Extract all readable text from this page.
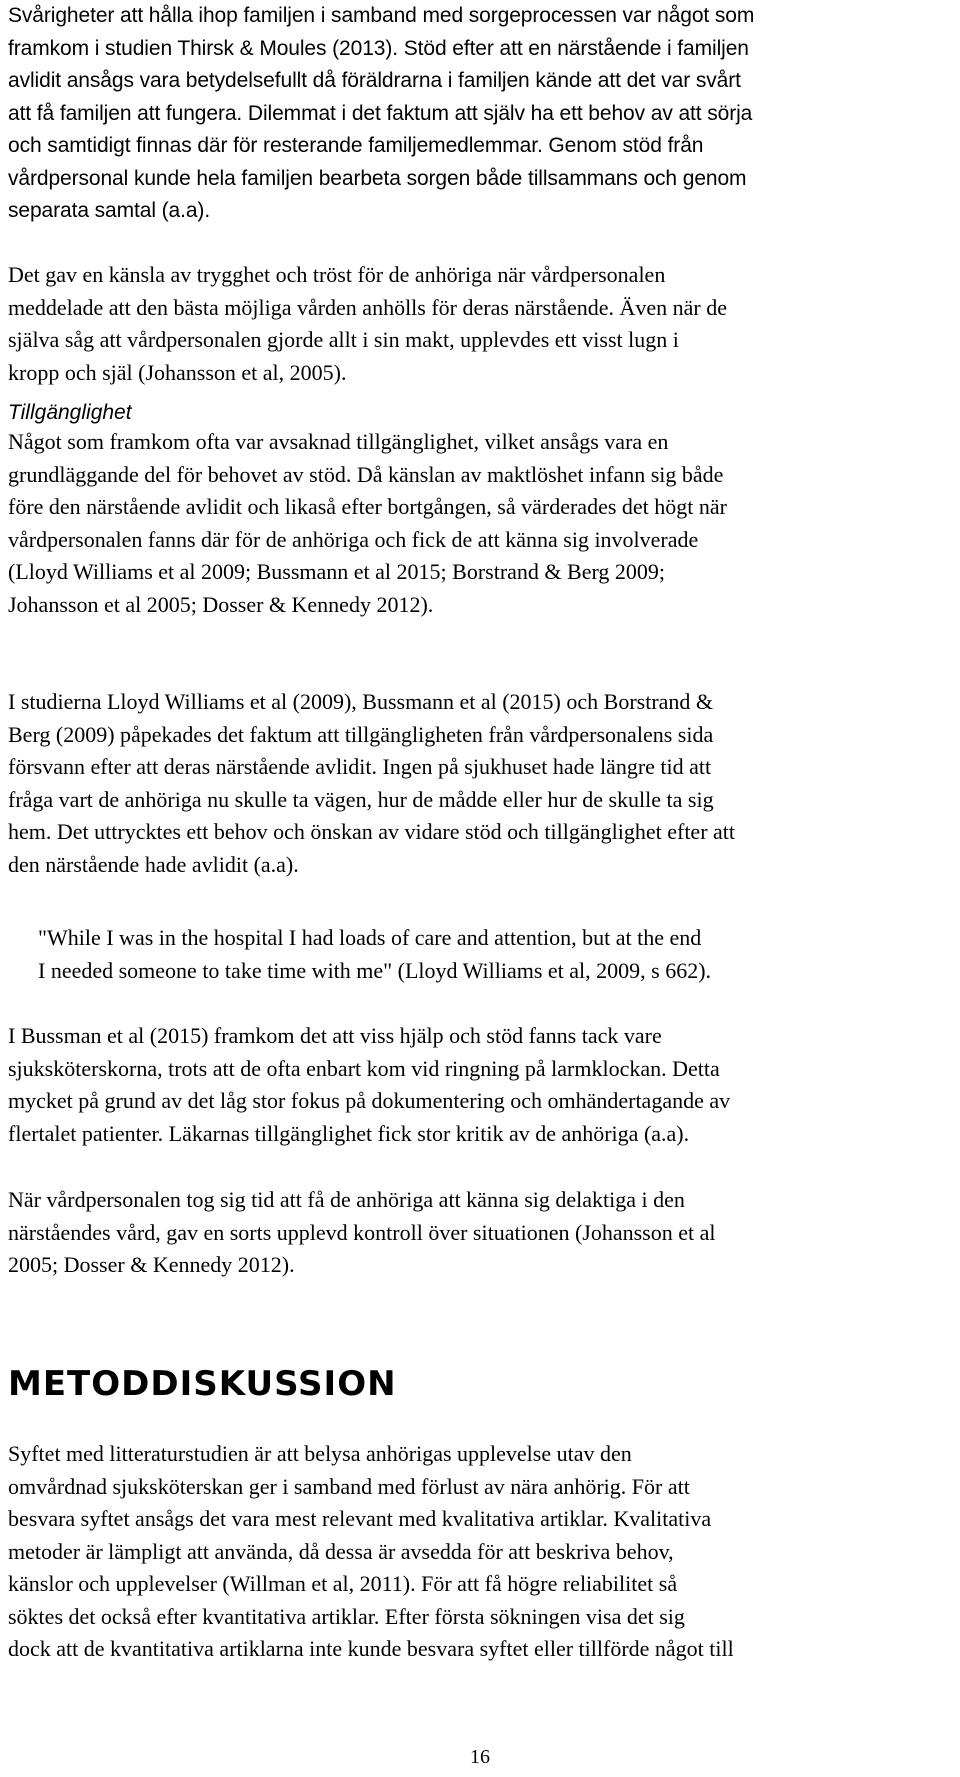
Svårigheter att hålla ihop familjen i samband med sorgeprocessen var något som
framkom i studien Thirsk & Moules (2013). Stöd efter att en närstående i familjen
avlidit ansågs vara betydelsefullt då föräldrarna i familjen kände att det var svårt
att få familjen att fungera. Dilemmat i det faktum att själv ha ett behov av att sörja
och samtidigt finnas där för resterande familjemedlemmar. Genom stöd från
vårdpersonal kunde hela familjen bearbeta sorgen både tillsammans och genom
separata samtal (a.a).
Det gav en känsla av trygghet och tröst för de anhöriga när vårdpersonalen
meddelade att den bästa möjliga vården anhölls för deras närstående. Även när de
själva såg att vårdpersonalen gjorde allt i sin makt, upplevdes ett visst lugn i
kropp och själ (Johansson et al, 2005).
Tillgänglighet
Något som framkom ofta var avsaknad tillgänglighet, vilket ansågs vara en
grundläggande del för behovet av stöd. Då känslan av maktlöshet infann sig både
före den närstående avlidit och likaså efter bortgången, så värderades det högt när
vårdpersonalen fanns där för de anhöriga och fick de att känna sig involverade
(Lloyd Williams et al 2009; Bussmann et al 2015; Borstrand & Berg 2009;
Johansson et al 2005; Dosser & Kennedy 2012).
I studierna Lloyd Williams et al (2009), Bussmann et al (2015) och Borstrand &
Berg (2009) påpekades det faktum att tillgängligheten från vårdpersonalens sida
försvann efter att deras närstående avlidit. Ingen på sjukhuset hade längre tid att
fråga vart de anhöriga nu skulle ta vägen, hur de mådde eller hur de skulle ta sig
hem. Det uttrycktes ett behov och önskan av vidare stöd och tillgänglighet efter att
den närstående hade avlidit (a.a).
"While I was in the hospital I had loads of care and attention, but at the end
I needed someone to take time with me" (Lloyd Williams et al, 2009, s 662).
I Bussman et al (2015) framkom det att viss hjälp och stöd fanns tack vare
sjuksköterskorna, trots att de ofta enbart kom vid ringning på larmklockan. Detta
mycket på grund av det låg stor fokus på dokumentering och omhändertagande av
flertalet patienter. Läkarnas tillgänglighet fick stor kritik av de anhöriga (a.a).
När vårdpersonalen tog sig tid att få de anhöriga att känna sig delaktiga i den
närståendes vård, gav en sorts upplevd kontroll över situationen (Johansson et al
2005; Dosser & Kennedy 2012).
METODDISKUSSION
Syftet med litteraturstudien är att belysa anhörigas upplevelse utav den
omvårdnad sjuksköterskan ger i samband med förlust av nära anhörig. För att
besvara syftet ansågs det vara mest relevant med kvalitativa artiklar. Kvalitativa
metoder är lämpligt att använda, då dessa är avsedda för att beskriva behov,
känslor och upplevelser (Willman et al, 2011). För att få högre reliabilitet så
söktes det också efter kvantitativa artiklar. Efter första sökningen visa det sig
dock att de kvantitativa artiklarna inte kunde besvara syftet eller tillförde något till
16
